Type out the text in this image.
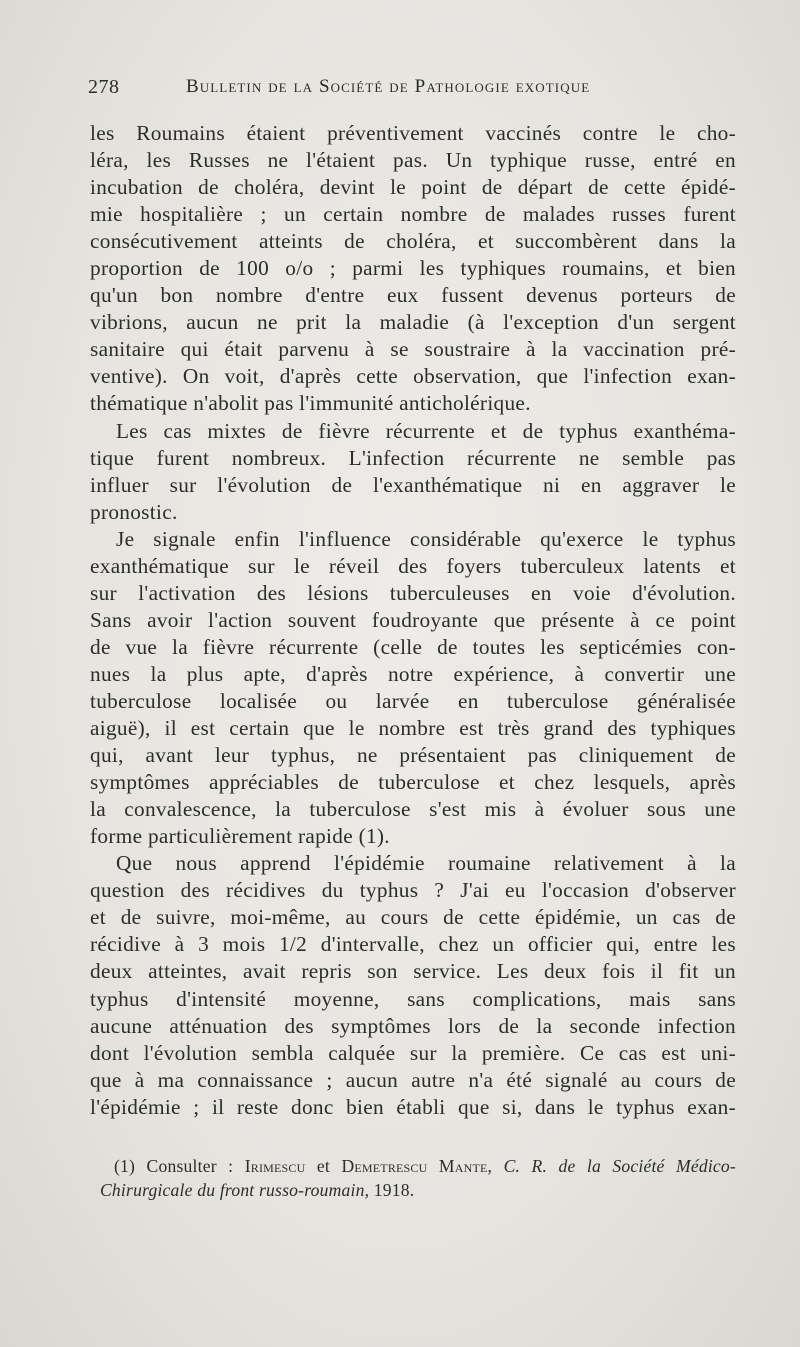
278	Bulletin de la Société de Pathologie exotique

les Roumains étaient préventivement vaccinés contre le cho-
léra, les Russes ne l'étaient pas. Un typhique russe, entré en
incubation de choléra, devint le point de départ de cette épidé-
mie hospitalière ; un certain nombre de malades russes furent
consécutivement atteints de choléra, et succombèrent dans la
proportion de 100 o/o ; parmi les typhiques roumains, et bien
qu'un bon nombre d'entre eux fussent devenus porteurs de
vibrions, aucun ne prit la maladie (à l'exception d'un sergent
sanitaire qui était parvenu à se soustraire à la vaccination pré-
ventive). On voit, d'après cette observation, que l'infection exan-
thématique n'abolit pas l'immunité anticholérique.

Les cas mixtes de fièvre récurrente et de typhus exanthéma-
tique furent nombreux. L'infection récurrente ne semble pas
influer sur l'évolution de l'exanthématique ni en aggraver le
pronostic.

Je signale enfin l'influence considérable qu'exerce le typhus
exanthématique sur le réveil des foyers tuberculeux latents et
sur l'activation des lésions tuberculeuses en voie d'évolution.
Sans avoir l'action souvent foudroyante que présente à ce point
de vue la fièvre récurrente (celle de toutes les septicémies con-
nues la plus apte, d'après notre expérience, à convertir une
tuberculose localisée ou larvée en tuberculose généralisée
aiguë), il est certain que le nombre est très grand des typhiques
qui, avant leur typhus, ne présentaient pas cliniquement de
symptômes appréciables de tuberculose et chez lesquels, après
la convalescence, la tuberculose s'est mis à évoluer sous une
forme particulièrement rapide (1).

Que nous apprend l'épidémie roumaine relativement à la
question des récidives du typhus ? J'ai eu l'occasion d'observer
et de suivre, moi-même, au cours de cette épidémie, un cas de
récidive à 3 mois 1/2 d'intervalle, chez un officier qui, entre les
deux atteintes, avait repris son service. Les deux fois il fit un
typhus d'intensité moyenne, sans complications, mais sans
aucune atténuation des symptômes lors de la seconde infection
dont l'évolution sembla calquée sur la première. Ce cas est uni-
que à ma connaissance ; aucun autre n'a été signalé au cours de
l'épidémie ; il reste donc bien établi que si, dans le typhus exan-

(1) Consulter : Irimescu et Demetrescu Mante, C. R. de la Société Médico-
Chirurgicale du front russo-roumain, 1918.
